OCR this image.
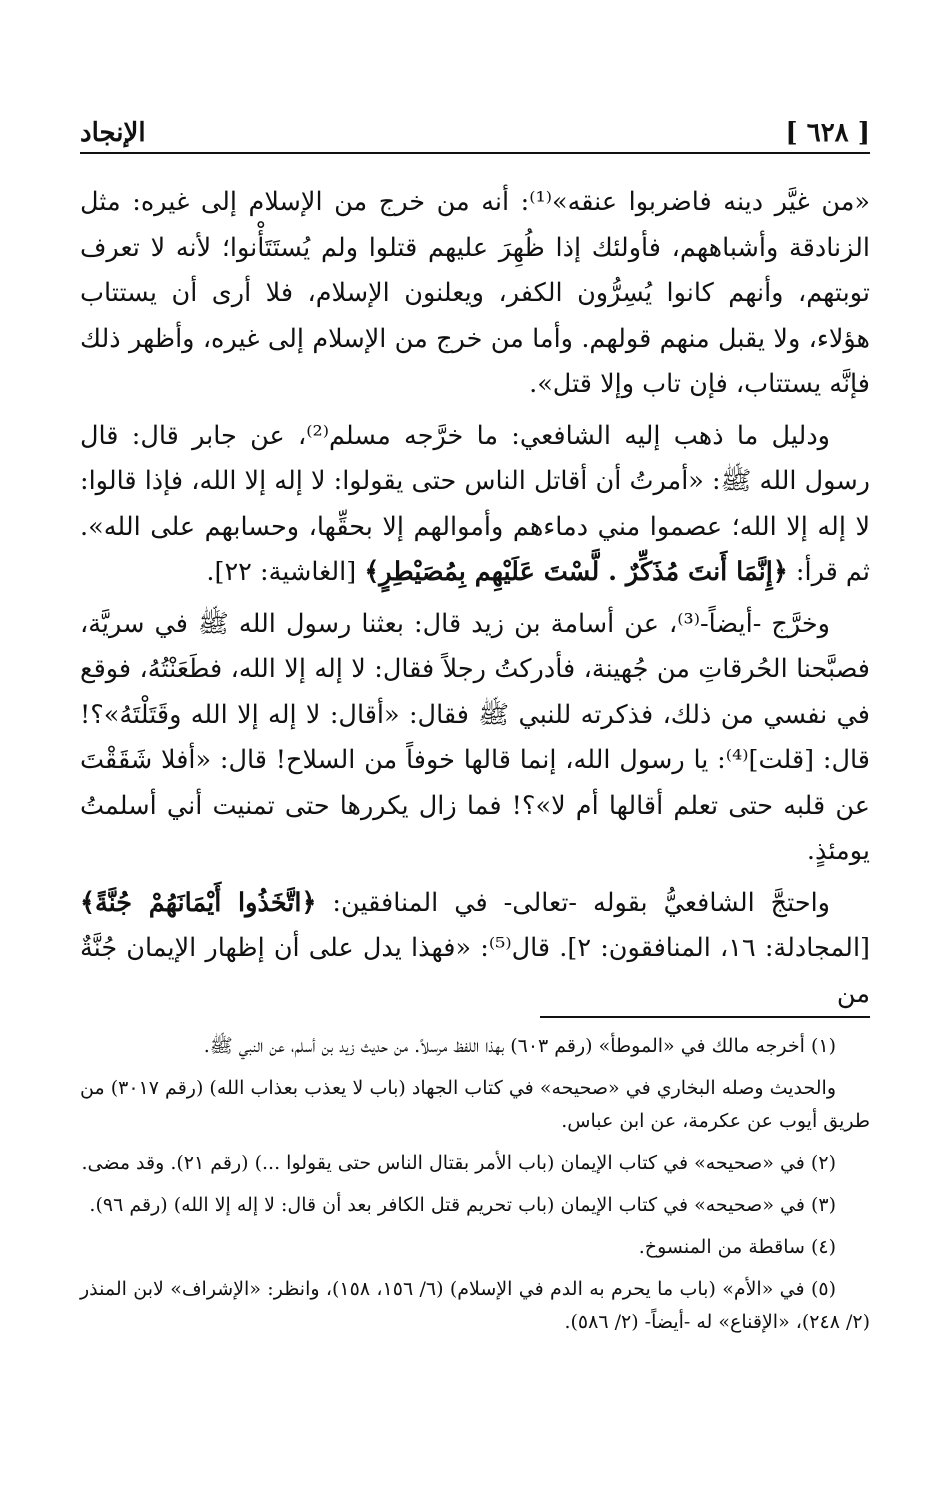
[ ٦٢٨ ]
الإنجاد

«من غيَّر دينه فاضربوا عنقه»⁽¹⁾: أنه من خرج من الإسلام إلى غيره: مثل الزنادقة وأشباههم، فأولئك إذا ظُهِرَ عليهم قتلوا ولم يُستَتَأْنوا؛ لأنه لا تعرف توبتهم، وأنهم كانوا يُسِرُّون الكفر، ويعلنون الإسلام، فلا أرى أن يستتاب هؤلاء، ولا يقبل منهم قولهم. وأما من خرج من الإسلام إلى غيره، وأظهر ذلك فإنَّه يستتاب، فإن تاب وإلا قتل».

ودليل ما ذهب إليه الشافعي: ما خرَّجه مسلم⁽²⁾، عن جابر قال: قال رسول الله ﷺ: «أمرتُ أن أقاتل الناس حتى يقولوا: لا إله إلا الله، فإذا قالوا: لا إله إلا الله؛ عصموا مني دماءهم وأموالهم إلا بحقِّها، وحسابهم على الله». ثم قرأ: ﴿إِنَّمَا أَنتَ مُذَكِّرٌ . لَّسْتَ عَلَيْهِم بِمُصَيْطِرٍ﴾ [الغاشية: ٢٢].

وخرَّج -أيضاً-⁽³⁾، عن أسامة بن زيد قال: بعثنا رسول الله ﷺ في سريَّة، فصبَّحنا الحُرقاتِ من جُهينة، فأدركتُ رجلاً فقال: لا إله إلا الله، فطَعَنْتُهُ، فوقع في نفسي من ذلك، فذكرته للنبي ﷺ فقال: «أقال: لا إله إلا الله وقَتَلْتَهُ»؟! قال: [قلت]⁽⁴⁾: يا رسول الله، إنما قالها خوفاً من السلاح! قال: «أفلا شَقَقْتَ عن قلبه حتى تعلم أقالها أم لا»؟! فما زال يكررها حتى تمنيت أني أسلمتُ يومئذٍ.

واحتجَّ الشافعيُّ بقوله -تعالى- في المنافقين: ﴿اتَّخَذُوا أَيْمَانَهُمْ جُنَّةً﴾ [المجادلة: ١٦، المنافقون: ٢]. قال⁽⁵⁾: «فهذا يدل على أن إظهار الإيمان جُنَّةٌ من

(١) أخرجه مالك في «الموطأ» (رقم ٦٠٣) بهذا اللفظ مرسلاً. من حديث زيد بن أسلم، عن النبي ﷺ.

والحديث وصله البخاري في «صحيحه» في كتاب الجهاد (باب لا يعذب بعذاب الله) (رقم ٣٠١٧) من طريق أيوب عن عكرمة، عن ابن عباس.

(٢) في «صحيحه» في كتاب الإيمان (باب الأمر بقتال الناس حتى يقولوا ...) (رقم ٢١). وقد مضى.

(٣) في «صحيحه» في كتاب الإيمان (باب تحريم قتل الكافر بعد أن قال: لا إله إلا الله) (رقم ٩٦).

(٤) ساقطة من المنسوخ.

(٥) في «الأم» (باب ما يحرم به الدم في الإسلام) (٦/ ١٥٦، ١٥٨)، وانظر: «الإشراف» لابن المنذر (٢/ ٢٤٨)، «الإقناع» له -أيضاً- (٢/ ٥٨٦).
